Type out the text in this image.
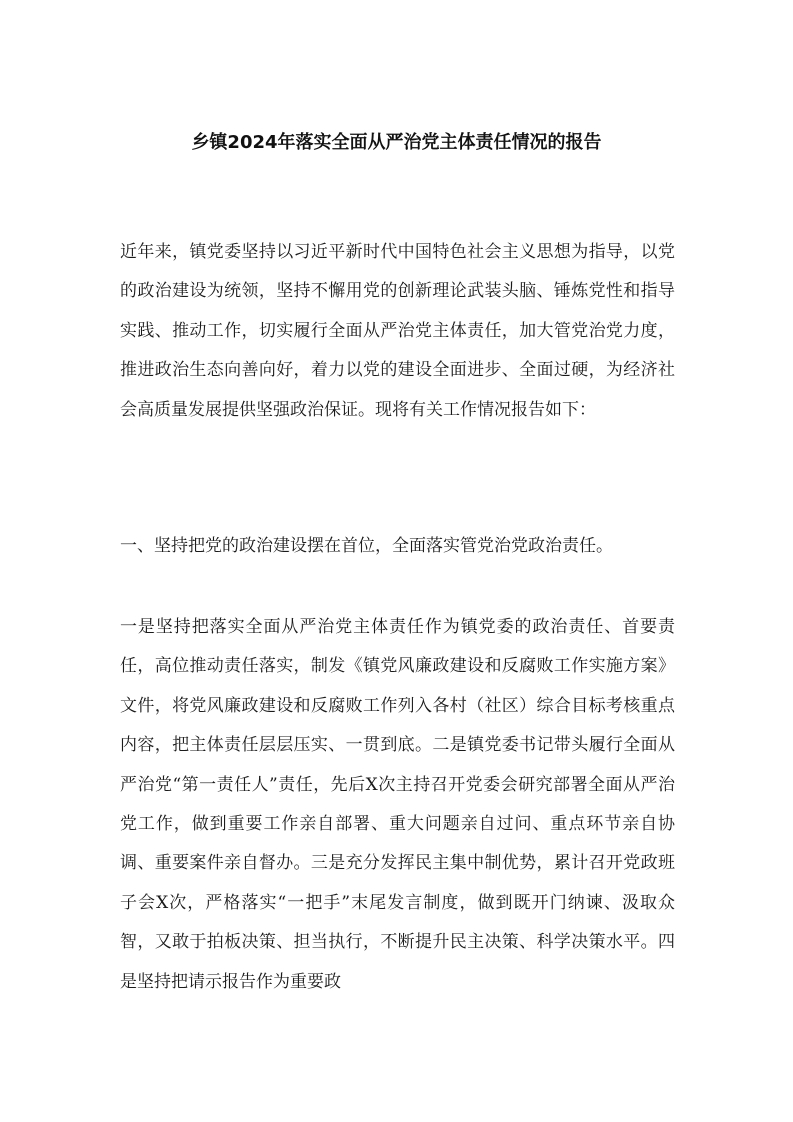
乡镇2024年落实全面从严治党主体责任情况的报告

近年来，镇党委坚持以习近平新时代中国特色社会主义思想为指导，以党的政治建设为统领，坚持不懈用党的创新理论武装头脑、锤炼党性和指导实践、推动工作，切实履行全面从严治党主体责任，加大管党治党力度，推进政治生态向善向好，着力以党的建设全面进步、全面过硬，为经济社会高质量发展提供坚强政治保证。现将有关工作情况报告如下：

一、坚持把党的政治建设摆在首位，全面落实管党治党政治责任。

一是坚持把落实全面从严治党主体责任作为镇党委的政治责任、首要责任，高位推动责任落实，制发《镇党风廉政建设和反腐败工作实施方案》文件，将党风廉政建设和反腐败工作列入各村（社区）综合目标考核重点内容，把主体责任层层压实、一贯到底。二是镇党委书记带头履行全面从严治党“第一责任人”责任，先后X次主持召开党委会研究部署全面从严治党工作，做到重要工作亲自部署、重大问题亲自过问、重点环节亲自协调、重要案件亲自督办。三是充分发挥民主集中制优势，累计召开党政班子会X次，严格落实“一把手”末尾发言制度，做到既开门纳谏、汲取众智，又敢于拍板决策、担当执行，不断提升民主决策、科学决策水平。四是坚持把请示报告作为重要政
